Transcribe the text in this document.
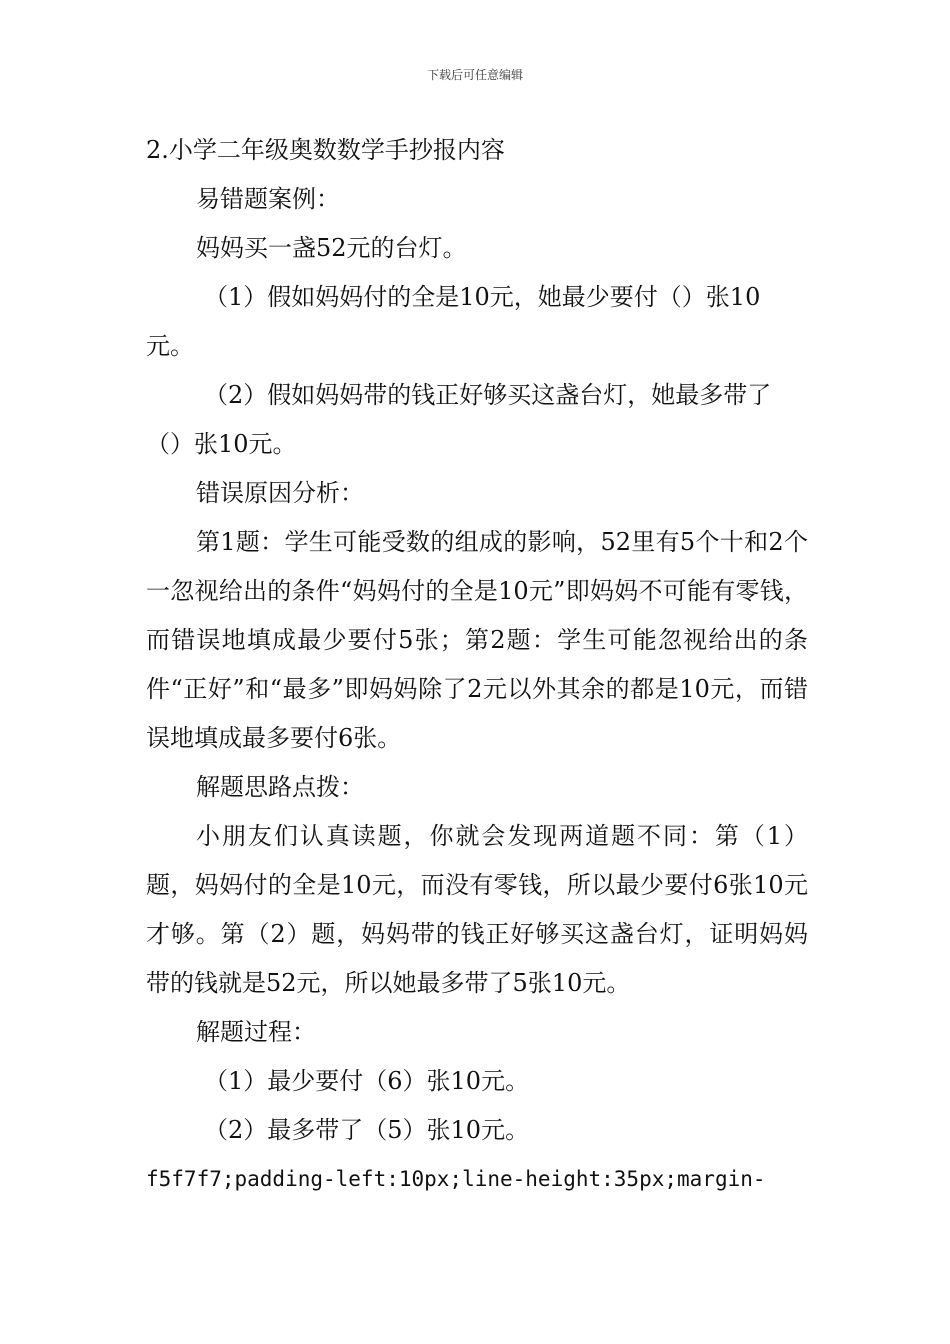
下载后可任意编辑
2.小学二年级奥数数学手抄报内容
易错题案例：
妈妈买一盏52元的台灯。
（1）假如妈妈付的全是10元，她最少要付（）张10
元。
（2）假如妈妈带的钱正好够买这盏台灯，她最多带了
（）张10元。
错误原因分析：
第1题：学生可能受数的组成的影响，52里有5个十和2个一忽视给出的条件“妈妈付的全是10元”即妈妈不可能有零钱，而错误地填成最少要付5张；第2题：学生可能忽视给出的条件“正好”和“最多”即妈妈除了2元以外其余的都是10元，而错误地填成最多要付6张。
解题思路点拨：
小朋友们认真读题，你就会发现两道题不同：第（1）题，妈妈付的全是10元，而没有零钱，所以最少要付6张10元才够。第（2）题，妈妈带的钱正好够买这盏台灯，证明妈妈带的钱就是52元，所以她最多带了5张10元。
解题过程：
（1）最少要付（6）张10元。
（2）最多带了（5）张10元。
f5f7f7;padding-left:10px;line-height:35px;margin-
